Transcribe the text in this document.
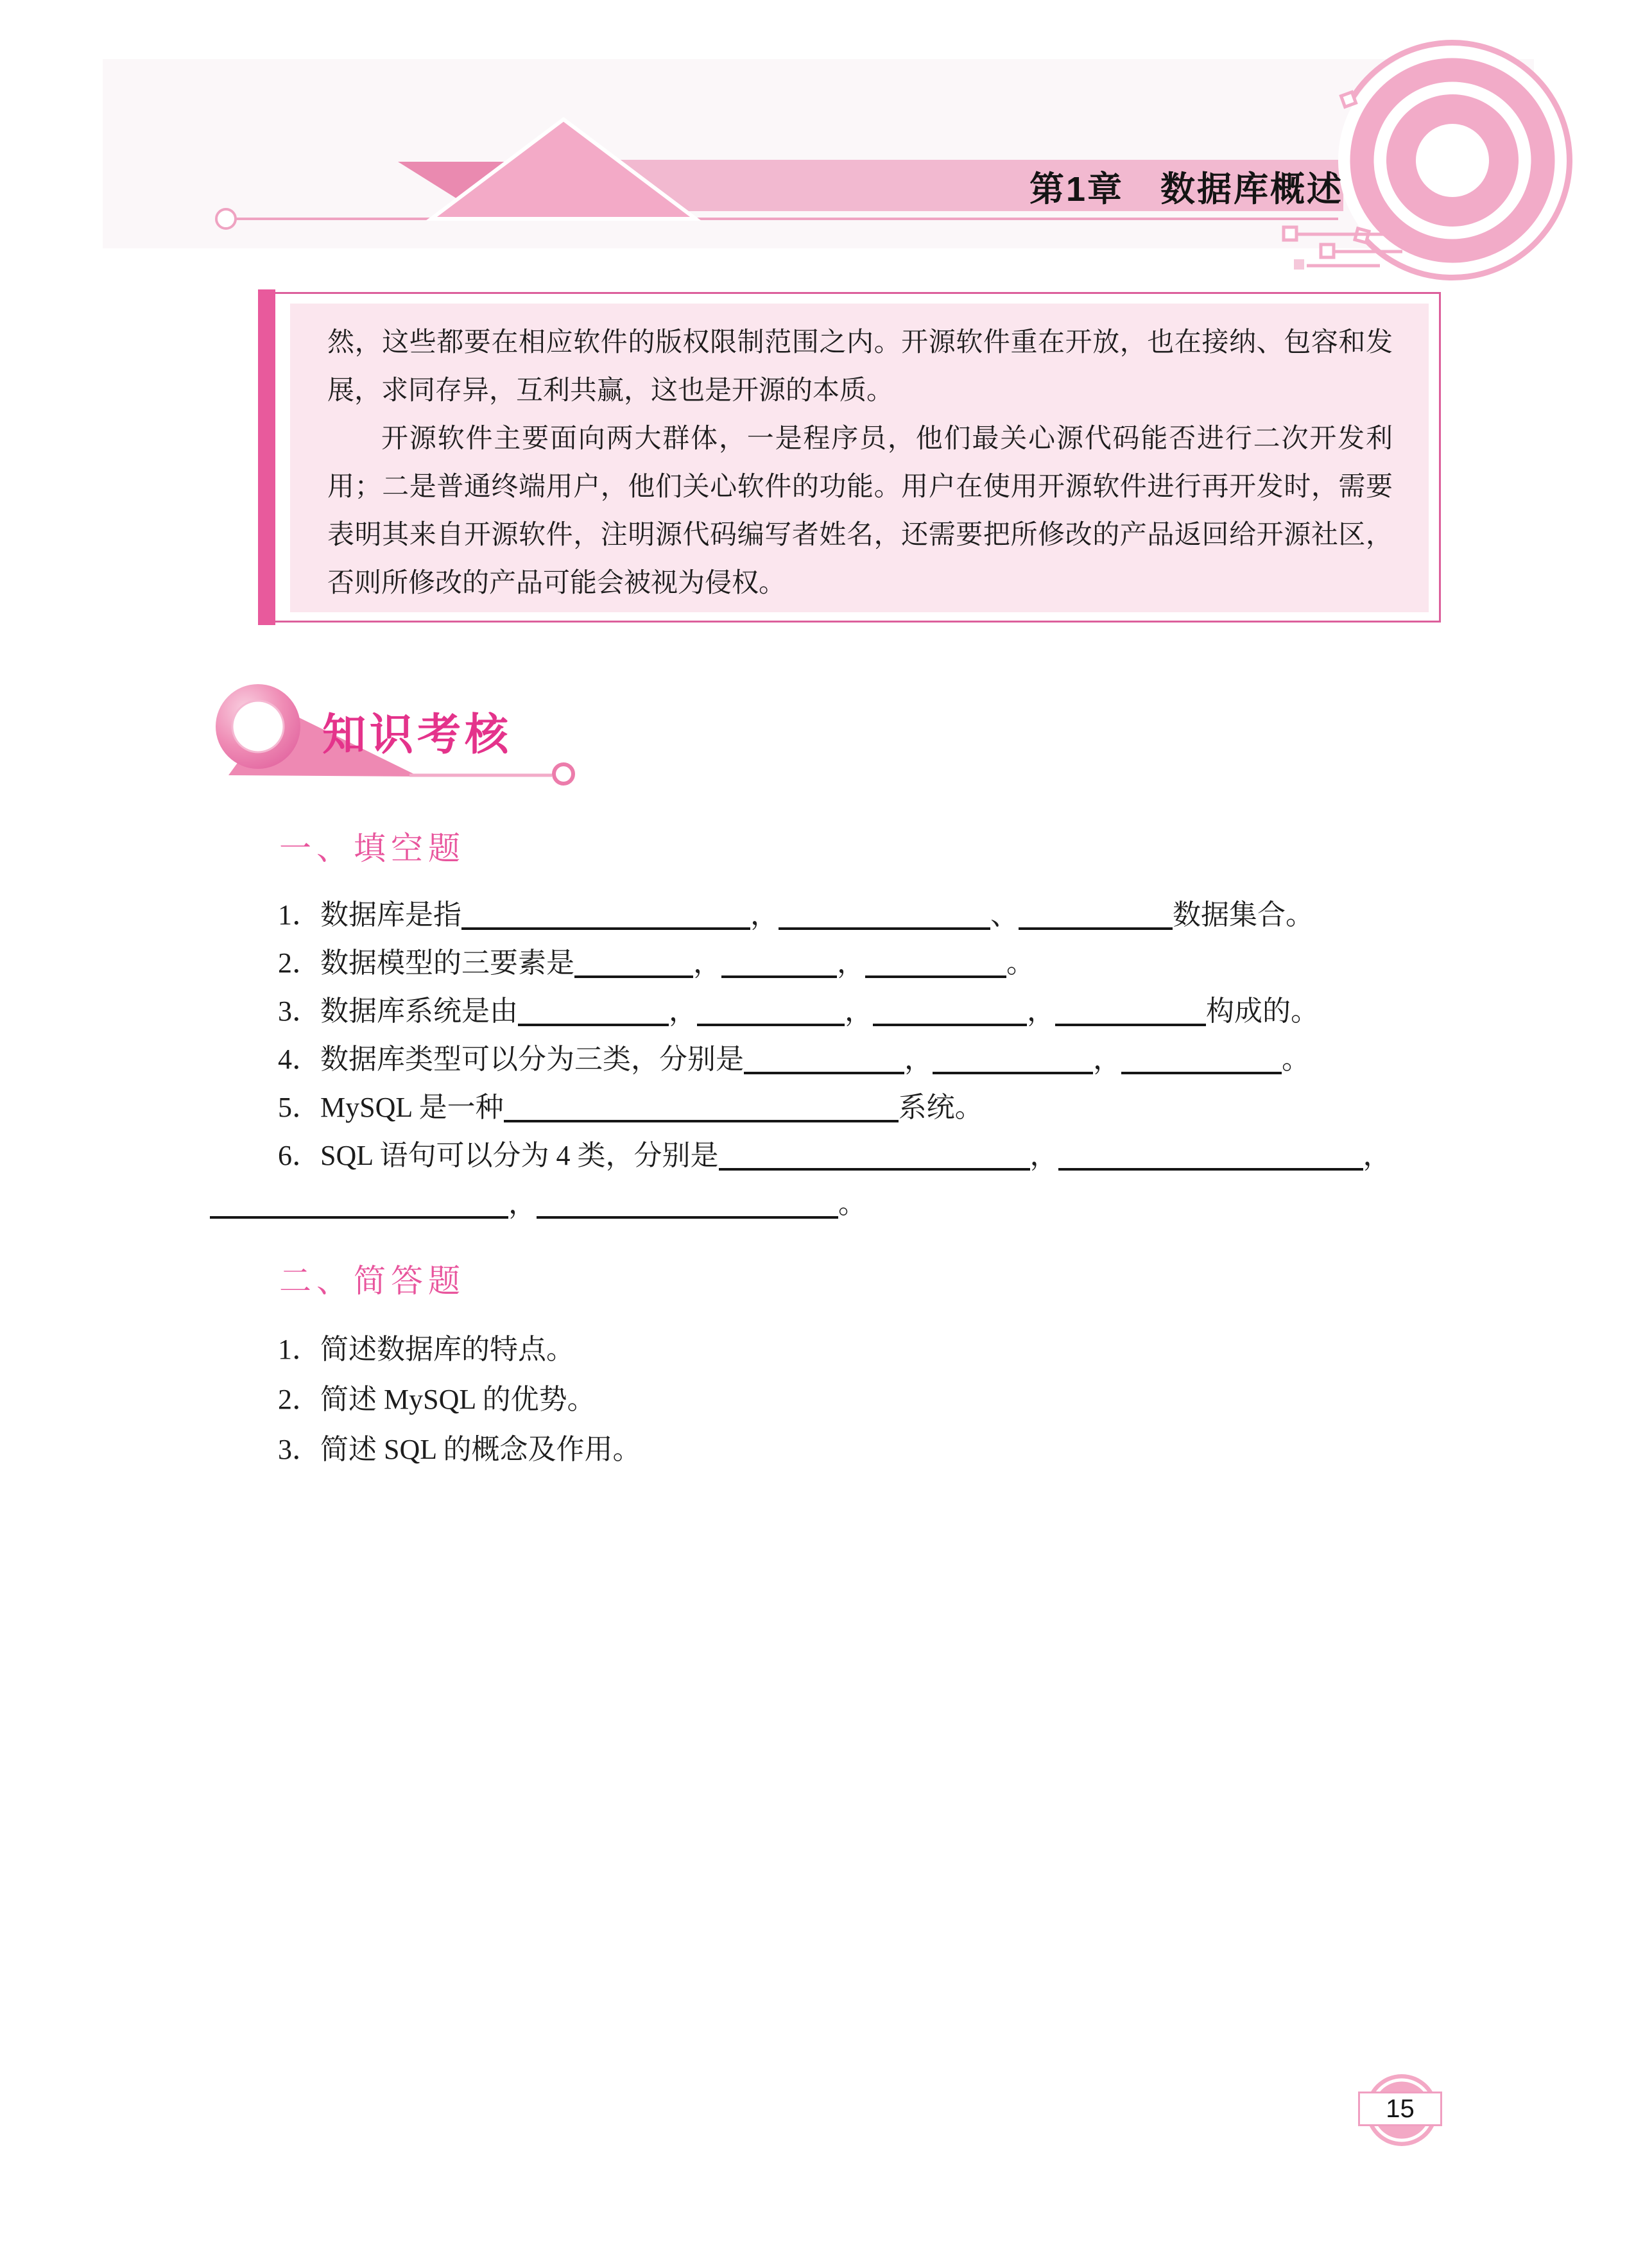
第1章　数据库概述

然，这些都要在相应软件的版权限制范围之内。开源软件重在开放，也在接纳、包容和发展，求同存异，互利共赢，这也是开源的本质。

开源软件主要面向两大群体，一是程序员，他们最关心源代码能否进行二次开发利用；二是普通终端用户，他们关心软件的功能。用户在使用开源软件进行再开发时，需要表明其来自开源软件，注明源代码编写者姓名，还需要把所修改的产品返回给开源社区，否则所修改的产品可能会被视为侵权。

知识考核
一、填空题
1．数据库是指	，	、	数据集合。
2．数据模型的三要素是	，	，	。
3．数据库系统是由	，	，	，	构成的。
4．数据库类型可以分为三类，分别是	，	，	。
5．MySQL 是一种	系统。
6．SQL 语句可以分为 4 类，分别是	，	，
，	。
二、简答题
1．简述数据库的特点。
2．简述 MySQL 的优势。
3．简述 SQL 的概念及作用。
15
